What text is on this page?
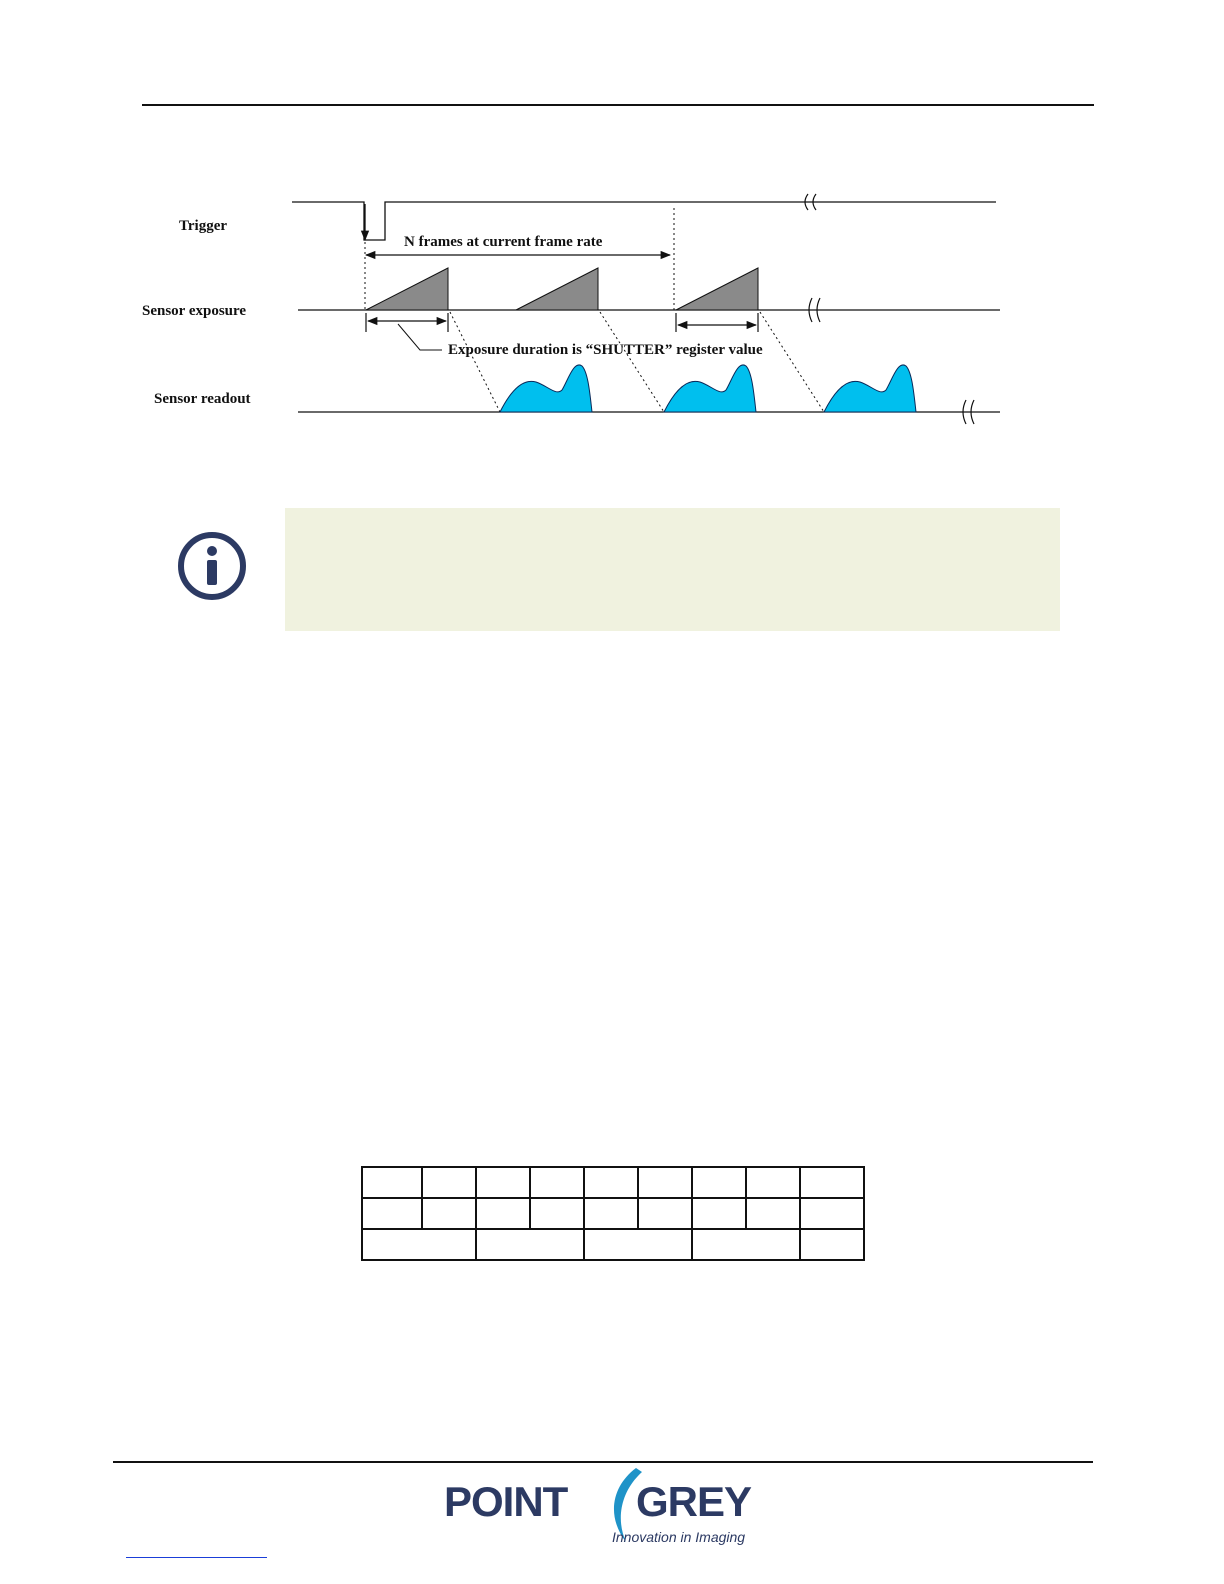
Trigger
Sensor exposure
Sensor readout
N frames at current frame rate
Exposure duration is “SHUTTER” register value

POINT GREY
Innovation in Imaging
